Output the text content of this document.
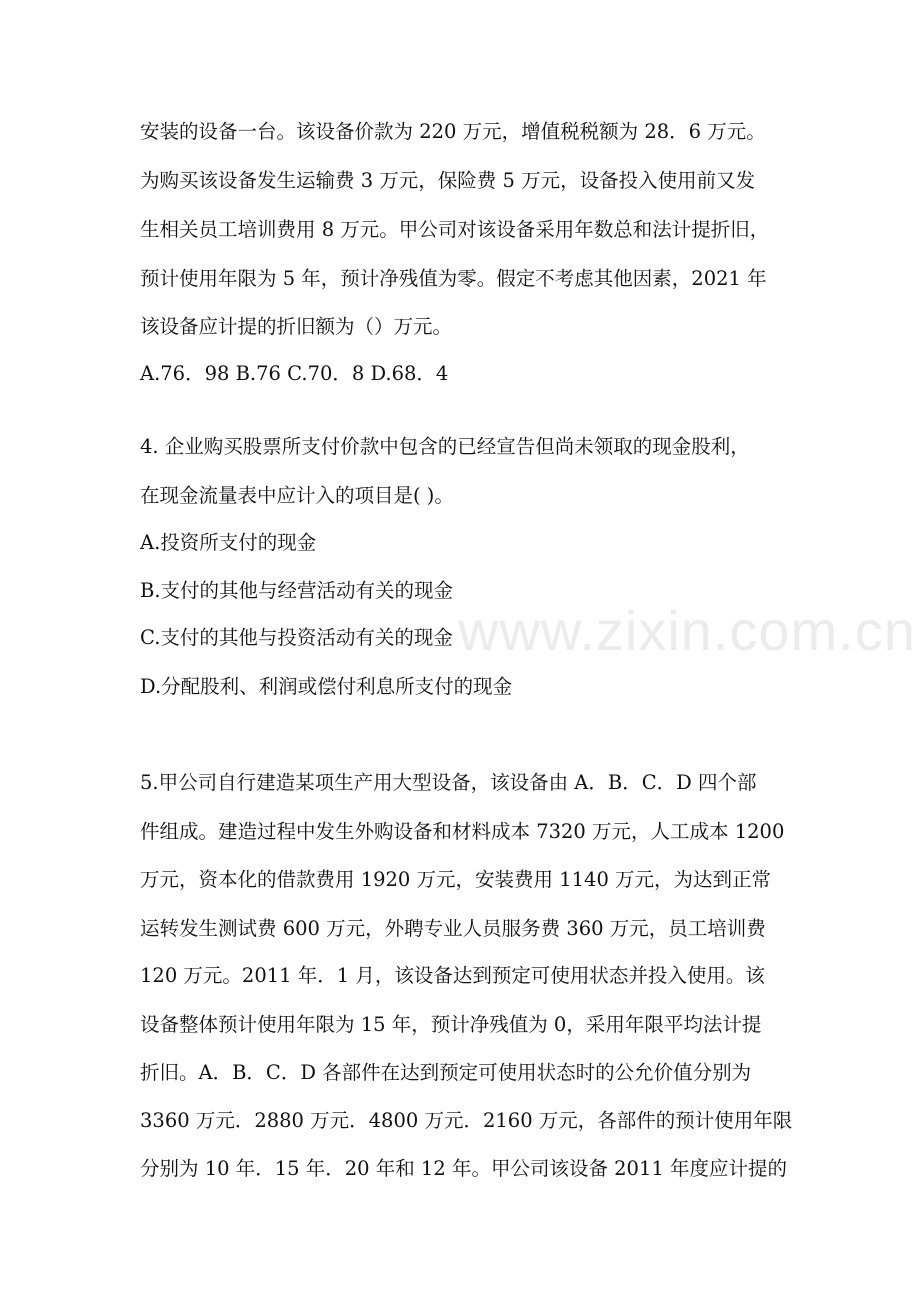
www.zixin.com.cn
安装的设备一台。该设备价款为 220 万元，增值税税额为 28．6 万元。
为购买该设备发生运输费 3 万元，保险费 5 万元，设备投入使用前又发
生相关员工培训费用 8 万元。甲公司对该设备采用年数总和法计提折旧，
预计使用年限为 5 年，预计净残值为零。假定不考虑其他因素，2021 年
该设备应计提的折旧额为（）万元。
A.76．98 B.76 C.70．8 D.68．4
4. 企业购买股票所支付价款中包含的已经宣告但尚未领取的现金股利，
在现金流量表中应计入的项目是( )。
A.投资所支付的现金
B.支付的其他与经营活动有关的现金
C.支付的其他与投资活动有关的现金
D.分配股利、利润或偿付利息所支付的现金
5.甲公司自行建造某项生产用大型设备，该设备由 A．B．C．D 四个部
件组成。建造过程中发生外购设备和材料成本 7320 万元，人工成本 1200
万元，资本化的借款费用 1920 万元，安装费用 1140 万元，为达到正常
运转发生测试费 600 万元，外聘专业人员服务费 360 万元，员工培训费
120 万元。2011 年．1 月，该设备达到预定可使用状态并投入使用。该
设备整体预计使用年限为 15 年，预计净残值为 0，采用年限平均法计提
折旧。A．B．C．D 各部件在达到预定可使用状态时的公允价值分别为
3360 万元．2880 万元．4800 万元．2160 万元，各部件的预计使用年限
分别为 10 年．15 年．20 年和 12 年。甲公司该设备 2011 年度应计提的
